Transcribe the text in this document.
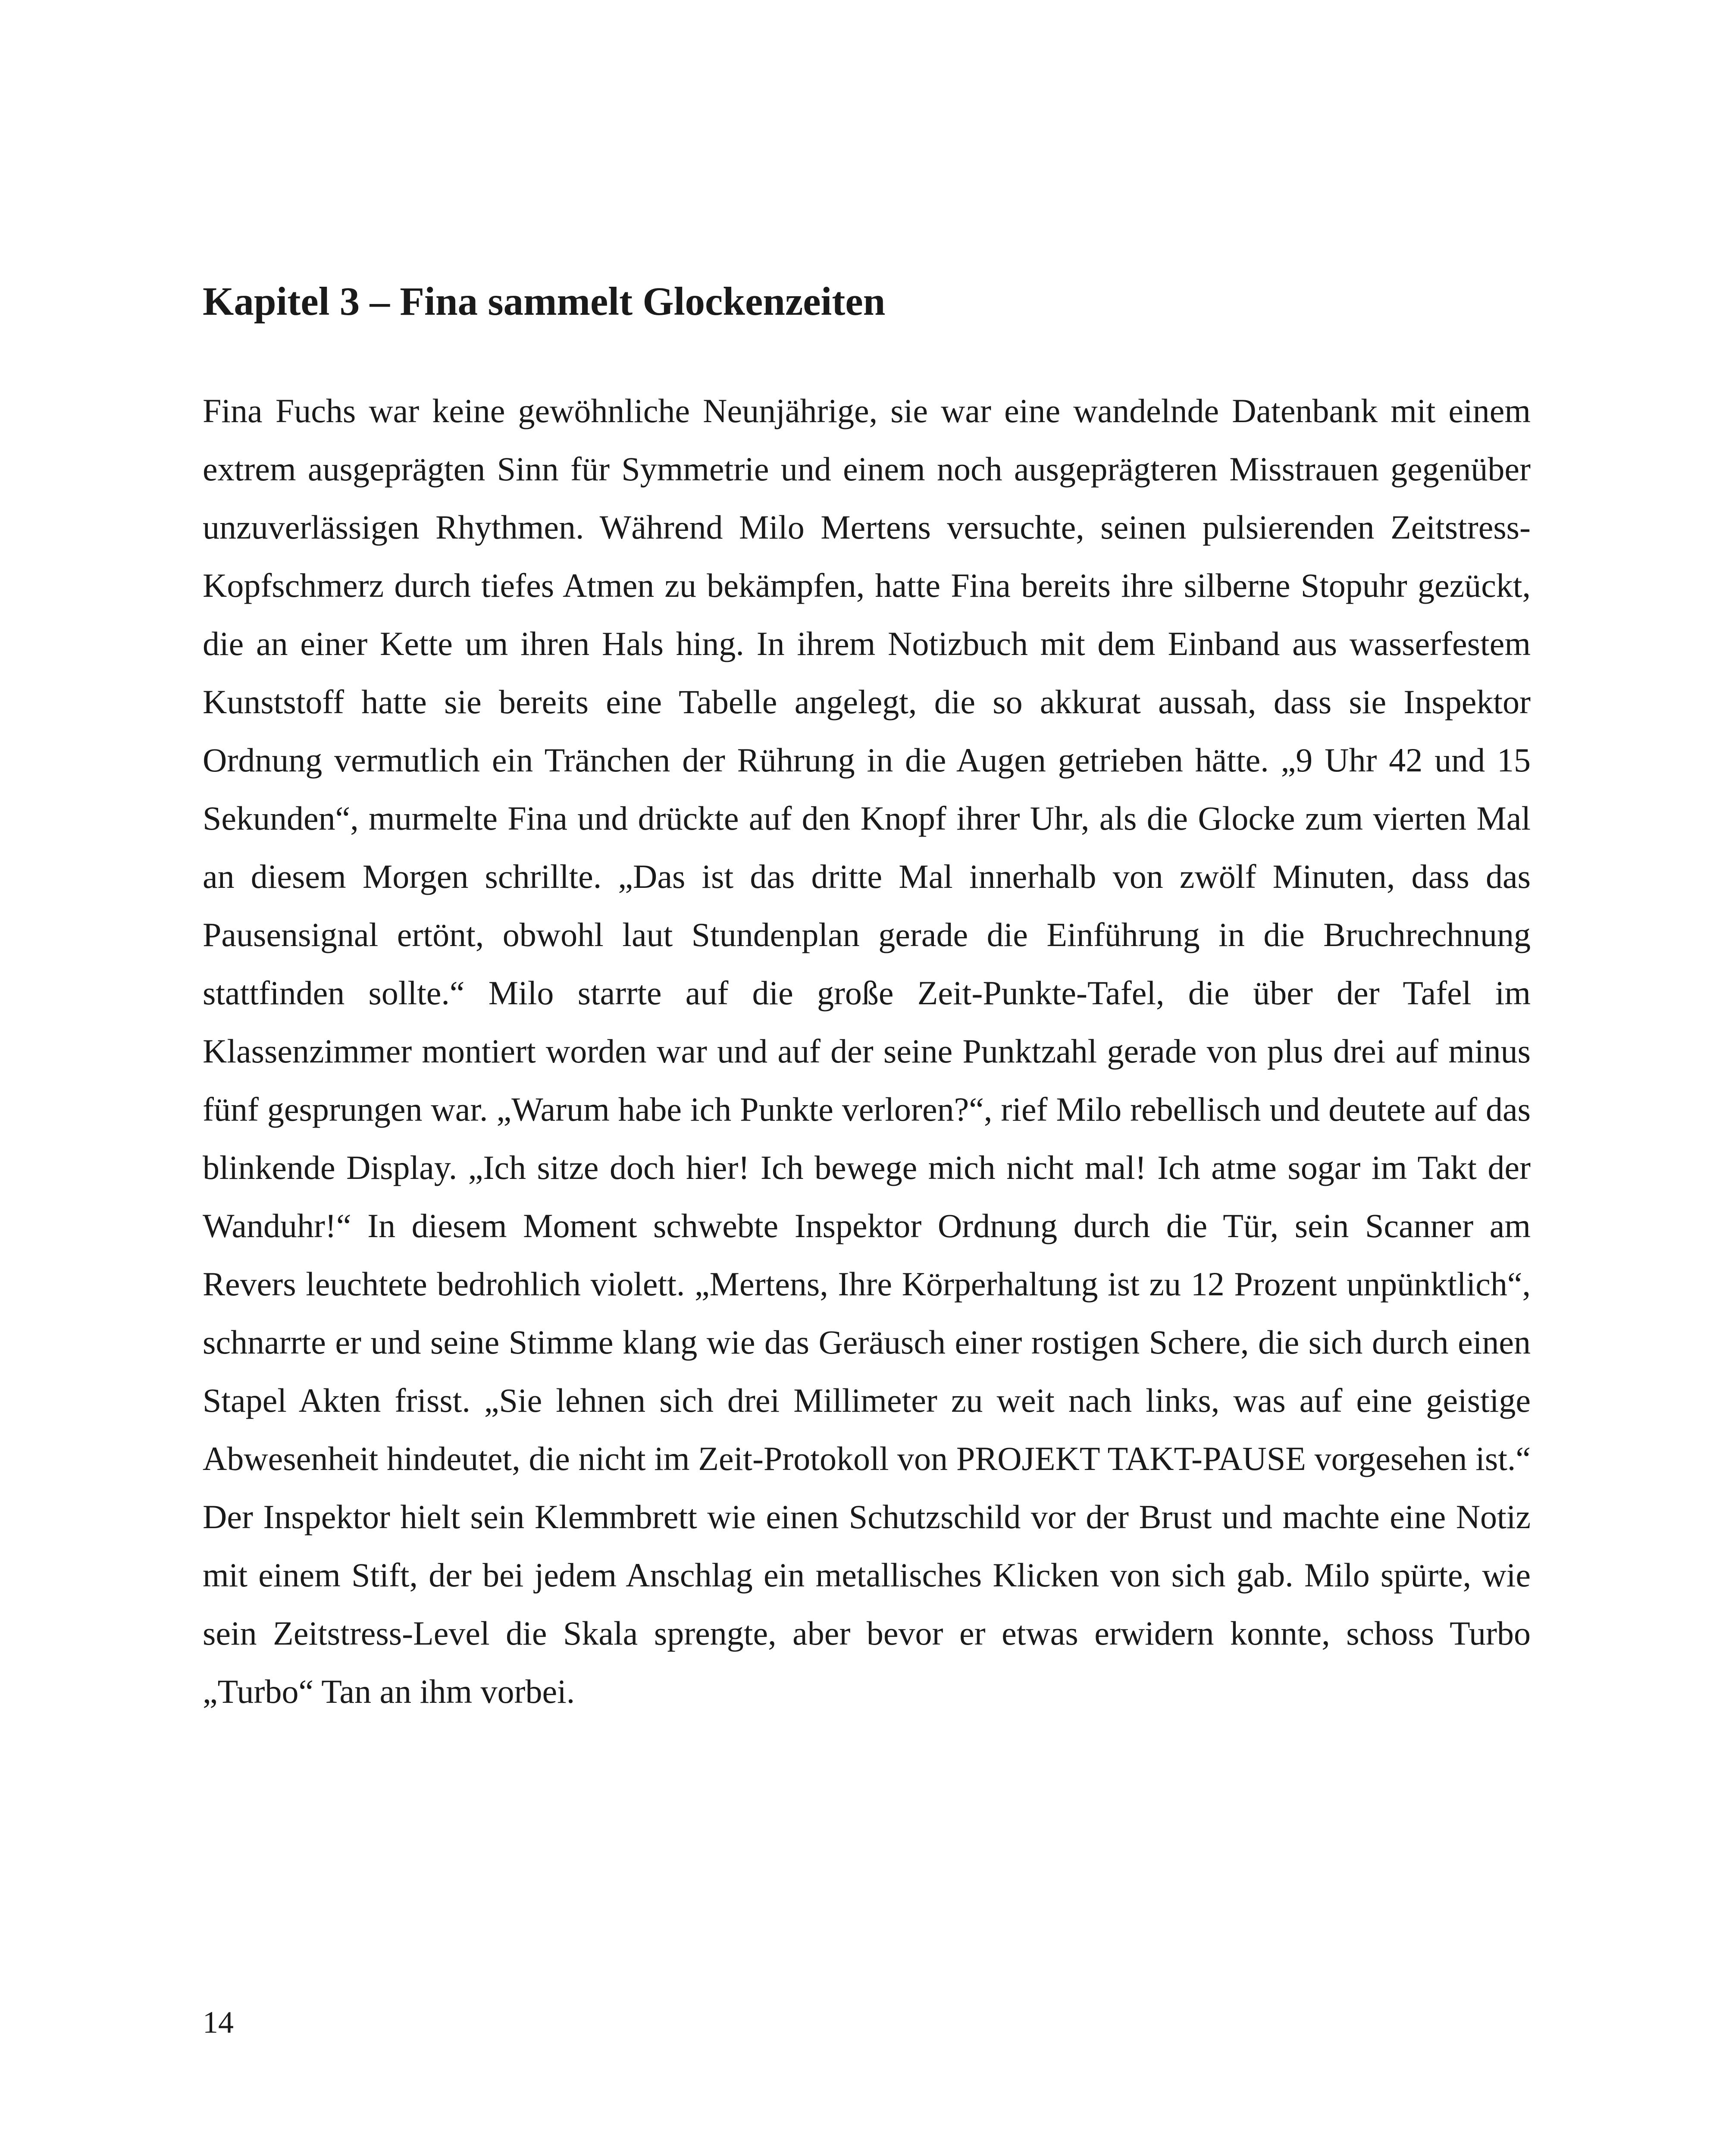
Kapitel 3 – Fina sammelt Glockenzeiten

Fina Fuchs war keine gewöhnliche Neunjährige, sie war eine wandelnde Datenbank mit einem extrem ausgeprägten Sinn für Symmetrie und einem noch ausgeprägteren Misstrauen gegenüber unzuverlässigen Rhythmen. Während Milo Mertens versuchte, seinen pulsierenden Zeitstress-Kopfschmerz durch tiefes Atmen zu bekämpfen, hatte Fina bereits ihre silberne Stopuhr gezückt, die an einer Kette um ihren Hals hing. In ihrem Notizbuch mit dem Einband aus wasserfestem Kunststoff hatte sie bereits eine Tabelle angelegt, die so akkurat aussah, dass sie Inspektor Ordnung vermutlich ein Tränchen der Rührung in die Augen getrieben hätte. „9 Uhr 42 und 15 Sekunden“, murmelte Fina und drückte auf den Knopf ihrer Uhr, als die Glocke zum vierten Mal an diesem Morgen schrillte. „Das ist das dritte Mal innerhalb von zwölf Minuten, dass das Pausensignal ertönt, obwohl laut Stundenplan gerade die Einführung in die Bruchrechnung stattfinden sollte.“ Milo starrte auf die große Zeit-Punkte-Tafel, die über der Tafel im Klassenzimmer montiert worden war und auf der seine Punktzahl gerade von plus drei auf minus fünf gesprungen war. „Warum habe ich Punkte verloren?“, rief Milo rebellisch und deutete auf das blinkende Display. „Ich sitze doch hier! Ich bewege mich nicht mal! Ich atme sogar im Takt der Wanduhr!“ In diesem Moment schwebte Inspektor Ordnung durch die Tür, sein Scanner am Revers leuchtete bedrohlich violett. „Mertens, Ihre Körperhaltung ist zu 12 Prozent unpünktlich“, schnarrte er und seine Stimme klang wie das Geräusch einer rostigen Schere, die sich durch einen Stapel Akten frisst. „Sie lehnen sich drei Millimeter zu weit nach links, was auf eine geistige Abwesenheit hindeutet, die nicht im Zeit-Protokoll von PROJEKT TAKT-PAUSE vorgesehen ist.“ Der Inspektor hielt sein Klemmbrett wie einen Schutzschild vor der Brust und machte eine Notiz mit einem Stift, der bei jedem Anschlag ein metallisches Klicken von sich gab. Milo spürte, wie sein Zeitstress-Level die Skala sprengte, aber bevor er etwas erwidern konnte, schoss Turbo „Turbo“ Tan an ihm vorbei.

14
